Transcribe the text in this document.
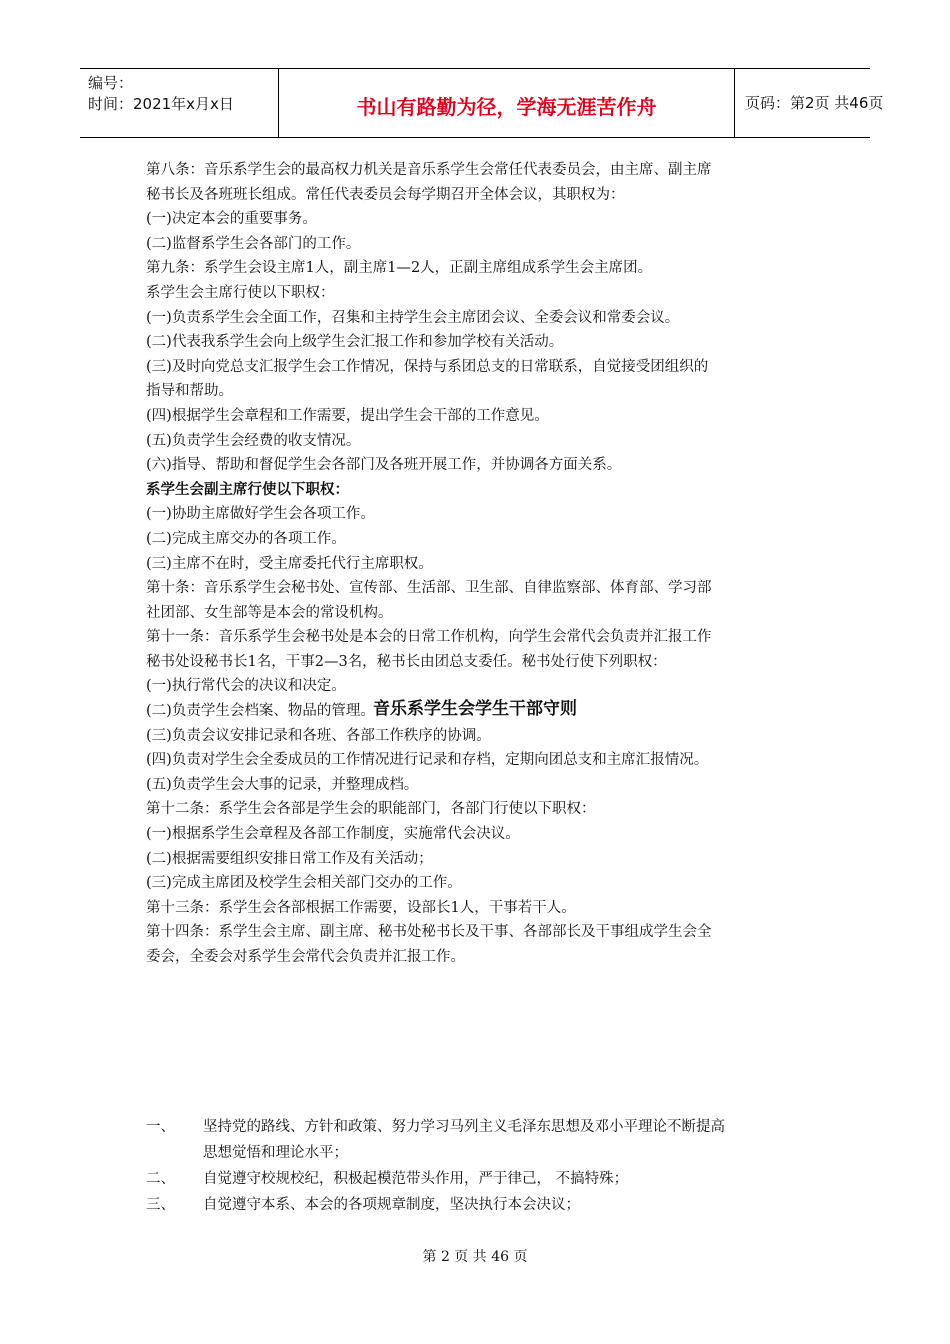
编号：
时间：2021年x月x日	书山有路勤为径，学海无涯苦作舟	页码：第2页 共46页
第八条：音乐系学生会的最高权力机关是音乐系学生会常任代表委员会，由主席、副主席
秘书长及各班班长组成。常任代表委员会每学期召开全体会议，其职权为：
(一)决定本会的重要事务。
(二)监督系学生会各部门的工作。
第九条：系学生会设主席1人，副主席1—2人，正副主席组成系学生会主席团。
系学生会主席行使以下职权：
(一)负责系学生会全面工作，召集和主持学生会主席团会议、全委会议和常委会议。
(二)代表我系学生会向上级学生会汇报工作和参加学校有关活动。
(三)及时向党总支汇报学生会工作情况，保持与系团总支的日常联系，自觉接受团组织的
指导和帮助。
(四)根据学生会章程和工作需要，提出学生会干部的工作意见。
(五)负责学生会经费的收支情况。
(六)指导、帮助和督促学生会各部门及各班开展工作，并协调各方面关系。
系学生会副主席行使以下职权：
(一)协助主席做好学生会各项工作。
(二)完成主席交办的各项工作。
(三)主席不在时，受主席委托代行主席职权。
第十条：音乐系学生会秘书处、宣传部、生活部、卫生部、自律监察部、体育部、学习部
社团部、女生部等是本会的常设机构。
第十一条：音乐系学生会秘书处是本会的日常工作机构，向学生会常代会负责并汇报工作
秘书处设秘书长1名，干事2—3名，秘书长由团总支委任。秘书处行使下列职权：
(一)执行常代会的决议和决定。
(二)负责学生会档案、物品的管理。
(三)负责会议安排记录和各班、各部工作秩序的协调。
(四)负责对学生会全委成员的工作情况进行记录和存档，定期向团总支和主席汇报情况。
(五)负责学生会大事的记录，并整理成档。
第十二条：系学生会各部是学生会的职能部门，各部门行使以下职权：
(一)根据系学生会章程及各部工作制度，实施常代会决议。
(二)根据需要组织安排日常工作及有关活动；
(三)完成主席团及校学生会相关部门交办的工作。
第十三条：系学生会各部根据工作需要，设部长1人，干事若干人。
第十四条：系学生会主席、副主席、秘书处秘书长及干事、各部部长及干事组成学生会全
委会，全委会对系学生会常代会负责并汇报工作。
音乐系学生会学生干部守则
一、 坚持党的路线、方针和政策、努力学习马列主义毛泽东思想及邓小平理论不断提高
思想觉悟和理论水平；
二、 自觉遵守校规校纪，积极起模范带头作用，严于律己， 不搞特殊；
三、 自觉遵守本系、本会的各项规章制度，坚决执行本会决议；
第 2 页 共 46 页
